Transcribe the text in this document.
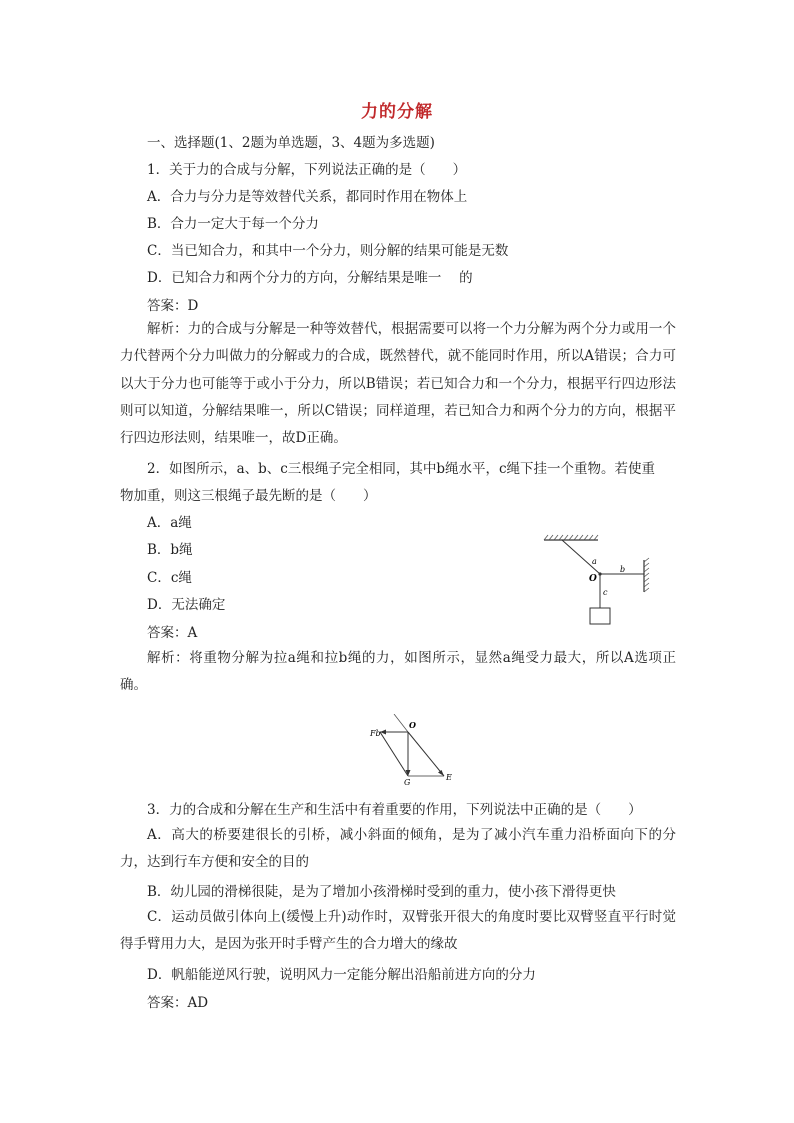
力的分解
一、选择题(1、2题为单选题，3、4题为多选题)
1．关于力的合成与分解，下列说法正确的是（　　）
A．合力与分力是等效替代关系，都同时作用在物体上
B．合力一定大于每一个分力
C．当已知合力，和其中一个分力，则分解的结果可能是无数
D．已知合力和两个分力的方向，分解结果是唯一　 的
答案：D
解析：力的合成与分解是一种等效替代，根据需要可以将一个力分解为两个分力或用一个力代替两个分力叫做力的分解或力的合成，既然替代，就不能同时作用，所以A错误；合力可以大于分力也可能等于或小于分力，所以B错误；若已知合力和一个分力，根据平行四边形法则可以知道，分解结果唯一，所以C错误；同样道理，若已知合力和两个分力的方向，根据平行四边形法则，结果唯一，故D正确。
2．如图所示，a、b、c三根绳子完全相同，其中b绳水平，c绳下挂一个重物。若使重
物加重，则这三根绳子最先断的是（　　）
A．a绳
B．b绳
C．c绳
D．无法确定
答案：A
解析：将重物分解为拉a绳和拉b绳的力，如图所示，显然a绳受力最大，所以A选项正确。
a
b
O
c
Fb
O
G
E
3．力的合成和分解在生产和生活中有着重要的作用，下列说法中正确的是（　　）
A．高大的桥要建很长的引桥，减小斜面的倾角，是为了减小汽车重力沿桥面向下的分力，达到行车方便和安全的目的
B．幼儿园的滑梯很陡，是为了增加小孩滑梯时受到的重力，使小孩下滑得更快
C．运动员做引体向上(缓慢上升)动作时，双臂张开很大的角度时要比双臂竖直平行时觉得手臂用力大，是因为张开时手臂产生的合力增大的缘故
D．帆船能逆风行驶，说明风力一定能分解出沿船前进方向的分力
答案：AD
